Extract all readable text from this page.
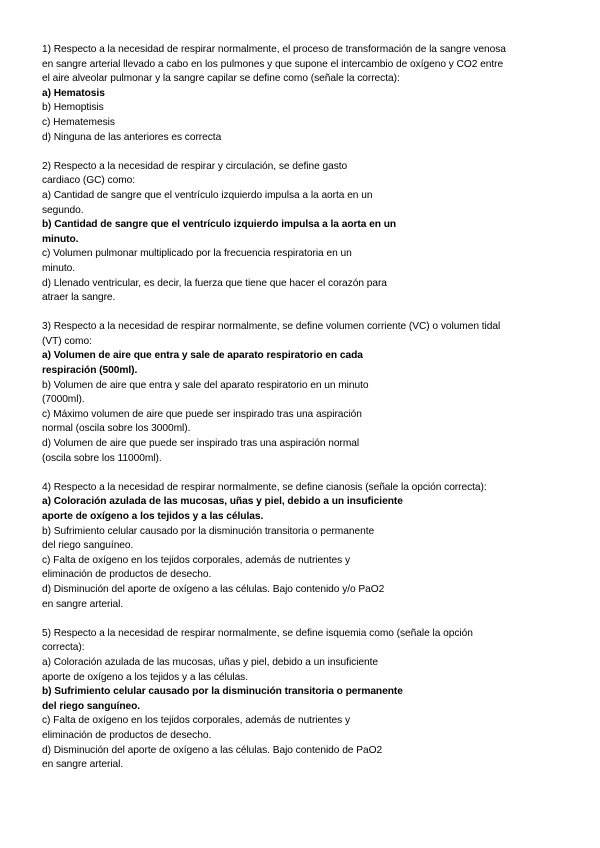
1) Respecto a la necesidad de respirar normalmente, el proceso de transformación de la sangre venosa
en sangre arterial llevado a cabo en los pulmones y que supone el intercambio de oxígeno y CO2 entre
el aire alveolar pulmonar y la sangre capilar se define como (señale la correcta):
a) Hematosis
b) Hemoptisis
c) Hematemesis
d) Ninguna de las anteriores es correcta
2) Respecto a la necesidad de respirar y circulación, se define gasto
cardiaco (GC) como:
a) Cantidad de sangre que el ventrículo izquierdo impulsa a la aorta en un
segundo.
b) Cantidad de sangre que el ventrículo izquierdo impulsa a la aorta en un
minuto.
c) Volumen pulmonar multiplicado por la frecuencia respiratoria en un
minuto.
d) Llenado ventricular, es decir, la fuerza que tiene que hacer el corazón para
atraer la sangre.
3) Respecto a la necesidad de respirar normalmente, se define volumen corriente (VC) o volumen tidal
(VT) como:
a) Volumen de aire que entra y sale de aparato respiratorio en cada
respiración (500ml).
b) Volumen de aire que entra y sale del aparato respiratorio en un minuto
(7000ml).
c) Máximo volumen de aire que puede ser inspirado tras una aspiración
normal (oscila sobre los 3000ml).
d) Volumen de aire que puede ser inspirado tras una aspiración normal
(oscila sobre los 11000ml).
4) Respecto a la necesidad de respirar normalmente, se define cianosis (señale la opción correcta):
a) Coloración azulada de las mucosas, uñas y piel, debido a un insuficiente
aporte de oxígeno a los tejidos y a las células.
b) Sufrimiento celular causado por la disminución transitoria o permanente
del riego sanguíneo.
c) Falta de oxígeno en los tejidos corporales, además de nutrientes y
eliminación de productos de desecho.
d) Disminución del aporte de oxígeno a las células. Bajo contenido y/o PaO2
en sangre arterial.
5) Respecto a la necesidad de respirar normalmente, se define isquemia como (señale la opción
correcta):
a) Coloración azulada de las mucosas, uñas y piel, debido a un insuficiente
aporte de oxígeno a los tejidos y a las células.
b) Sufrimiento celular causado por la disminución transitoria o permanente
del riego sanguíneo.
c) Falta de oxígeno en los tejidos corporales, además de nutrientes y
eliminación de productos de desecho.
d) Disminución del aporte de oxígeno a las células. Bajo contenido de PaO2
en sangre arterial.
